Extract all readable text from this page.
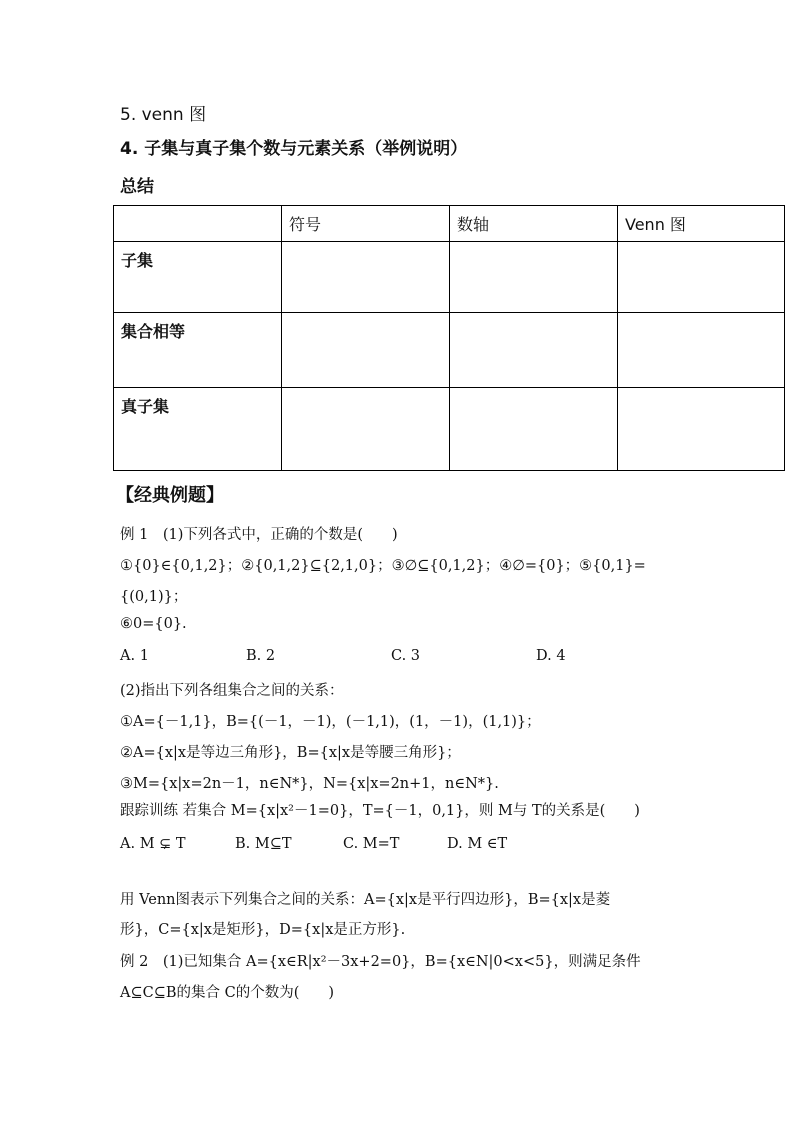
5. venn 图
4. 子集与真子集个数与元素关系（举例说明）
总结
	符号	数轴	Venn 图
子集			
集合相等			
真子集			
【经典例题】
例 1　(1)下列各式中，正确的个数是(　　)
①{0}∈{0,1,2}；②{0,1,2}⊆{2,1,0}；③∅⊆{0,1,2}；④∅={0}；⑤{0,1}=
{(0,1)}；
⑥0={0}.
A. 1	B. 2	C. 3	D. 4
(2)指出下列各组集合之间的关系：
①A={－1,1}，B={(－1，－1)，(－1,1)，(1，－1)，(1,1)}；
②A={x|x是等边三角形}，B={x|x是等腰三角形}；
③M={x|x=2n－1，n∈N*}，N={x|x=2n+1，n∈N*}.
跟踪训练 若集合 M={x|x²－1=0}，T={－1，0,1}，则 M与 T的关系是(　　)
A. M ⊊ T	B. M⊆T	C. M=T	D. M ∈T
用 Venn图表示下列集合之间的关系：A={x|x是平行四边形}，B={x|x是菱
形}，C={x|x是矩形}，D={x|x是正方形}.
例 2　(1)已知集合 A={x∈R|x²－3x+2=0}，B={x∈N|0<x<5}，则满足条件
A⊆C⊆B的集合 C的个数为(　　)
